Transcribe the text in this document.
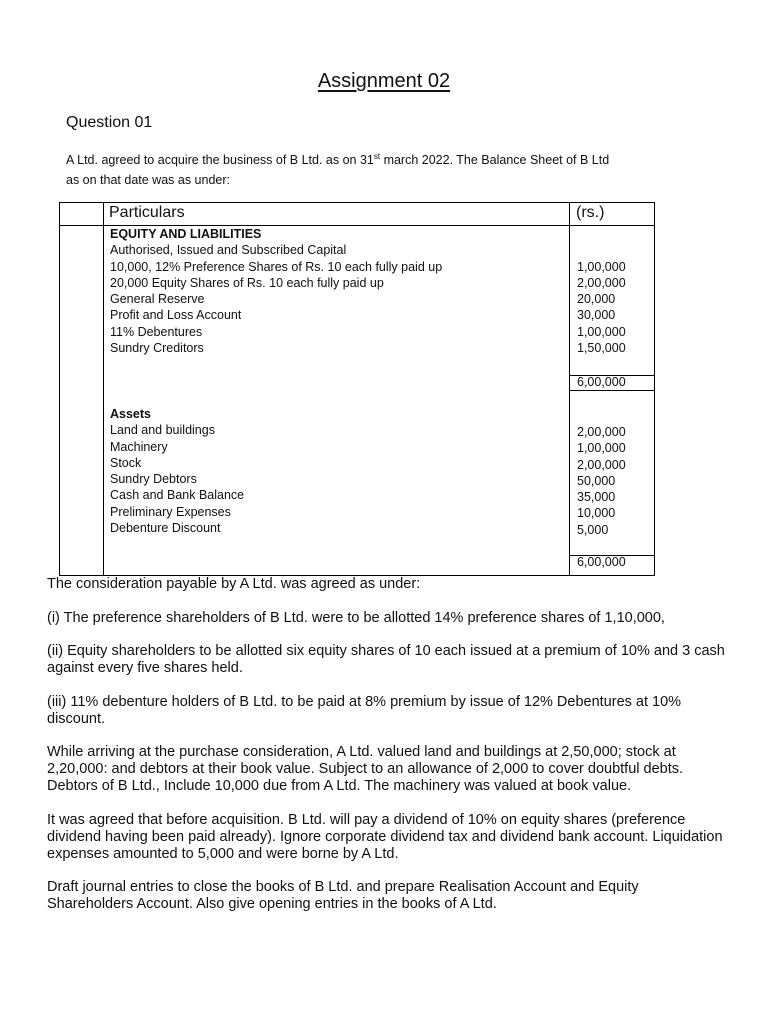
Assignment 02
Question 01
A Ltd. agreed to acquire the business of B Ltd. as on 31st march 2022. The Balance Sheet of B Ltd
as on that date was as under:
Particulars	(rs.)
EQUITY AND LIABILITIES
Authorised, Issued and Subscribed Capital
10,000, 12% Preference Shares of Rs. 10 each fully paid up
20,000 Equity Shares of Rs. 10 each fully paid up
General Reserve
Profit and Loss Account
11% Debentures
Sundry Creditors
1,00,000
2,00,000
20,000
30,000
1,00,000
1,50,000
6,00,000
Assets
Land and buildings
Machinery
Stock
Sundry Debtors
Cash and Bank Balance
Preliminary Expenses
Debenture Discount
2,00,000
1,00,000
2,00,000
50,000
35,000
10,000
5,000
6,00,000

The consideration payable by A Ltd. was agreed as under:

(i) The preference shareholders of B Ltd. were to be allotted 14% preference shares of 1,10,000,

(ii) Equity shareholders to be allotted six equity shares of 10 each issued at a premium of 10% and 3 cash against every five shares held.

(iii) 11% debenture holders of B Ltd. to be paid at 8% premium by issue of 12% Debentures at 10% discount.

While arriving at the purchase consideration, A Ltd. valued land and buildings at 2,50,000; stock at 2,20,000: and debtors at their book value. Subject to an allowance of 2,000 to cover doubtful debts. Debtors of B Ltd., Include 10,000 due from A Ltd. The machinery was valued at book value.

It was agreed that before acquisition. B Ltd. will pay a dividend of 10% on equity shares (preference dividend having been paid already). Ignore corporate dividend tax and dividend bank account. Liquidation expenses amounted to 5,000 and were borne by A Ltd.

Draft journal entries to close the books of B Ltd. and prepare Realisation Account and Equity Shareholders Account. Also give opening entries in the books of A Ltd.
